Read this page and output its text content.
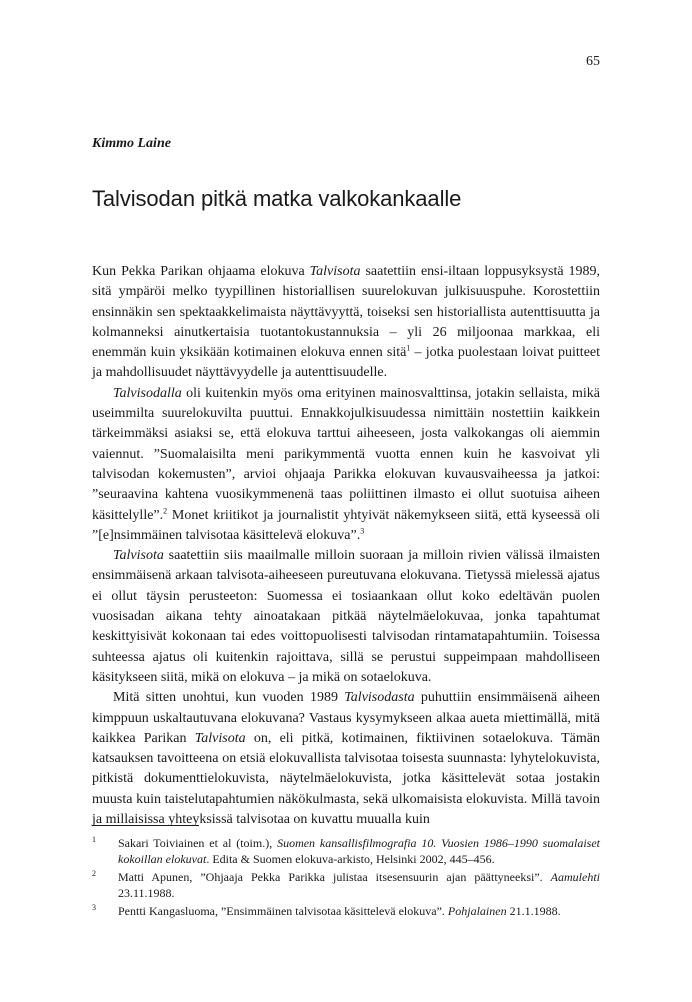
65
Kimmo Laine
Talvisodan pitkä matka valkokankaalle

Kun Pekka Parikan ohjaama elokuva Talvisota saatettiin ensi-iltaan loppusyksystä 1989, sitä ympäröi melko tyypillinen historiallisen suurelokuvan julkisuuspuhe. Korostettiin ensinnäkin sen spektaakkelimaista näyttävyyttä, toiseksi sen historiallista autenttisuutta ja kolmanneksi ainutkertaisia tuotantokustannuksia – yli 26 miljoonaa markkaa, eli enemmän kuin yksikään kotimainen elokuva ennen sitä$^1$ – jotka puolestaan loivat puitteet ja mahdollisuudet näyttävyydelle ja autenttisuudelle.

Talvisodalla oli kuitenkin myös oma erityinen mainosvalttinsa, jotakin sellaista, mikä useimmilta suurelokuvilta puuttui. Ennakkojulkisuudessa nimittäin nostettiin kaikkein tärkeimmäksi asiaksi se, että elokuva tarttui aiheeseen, josta valkokangas oli aiemmin vaiennut. ”Suomalaisilta meni parikymmentä vuotta ennen kuin he kasvoivat yli talvisodan kokemusten”, arvioi ohjaaja Parikka elokuvan kuvausvaiheessa ja jatkoi: ”seuraavina kahtena vuosikymmenenä taas poliittinen ilmasto ei ollut suotuisa aiheen käsittelylle”.$^2$ Monet kriitikot ja journalistit yhtyivät näkemykseen siitä, että kyseessä oli ”[e]nsimmäinen talvisotaa käsittelevä elokuva”.$^3$

Talvisota saatettiin siis maailmalle milloin suoraan ja milloin rivien välissä ilmaisten ensimmäisenä arkaan talvisota-aiheeseen pureutuvana elokuvana. Tietyssä mielessä ajatus ei ollut täysin perusteeton: Suomessa ei tosiaankaan ollut koko edeltävän puolen vuosisadan aikana tehty ainoatakaan pitkää näytelmäelokuvaa, jonka tapahtumat keskittyisivät kokonaan tai edes voittopuolisesti talvisodan rintamatapahtumiin. Toisessa suhteessa ajatus oli kuitenkin rajoittava, sillä se perustui suppeimpaan mahdolliseen käsitykseen siitä, mikä on elokuva – ja mikä on sotaelokuva.

Mitä sitten unohtui, kun vuoden 1989 Talvisodasta puhuttiin ensimmäisenä aiheen kimppuun uskaltautuvana elokuvana? Vastaus kysymykseen alkaa aueta miettimällä, mitä kaikkea Parikan Talvisota on, eli pitkä, kotimainen, fiktiivinen sotaelokuva. Tämän katsauksen tavoitteena on etsiä elokuvallista talvisotaa toisesta suunnasta: lyhytelokuvista, pitkistä dokumenttielokuvista, näytelmäelokuvista, jotka käsittelevät sotaa jostakin muusta kuin taistelutapahtumien näkökulmasta, sekä ulkomaisista elokuvista. Millä tavoin ja millaisissa yhteyksissä talvisotaa on kuvattu muualla kuin

1 Sakari Toiviainen et al (toim.), Suomen kansallisfilmografia 10. Vuosien 1986–1990 suomalaiset kokoillan elokuvat. Edita & Suomen elokuva-arkisto, Helsinki 2002, 445–456.
2 Matti Apunen, ”Ohjaaja Pekka Parikka julistaa itsesensuurin ajan päättyneeksi”. Aamulehti 23.11.1988.
3 Pentti Kangasluoma, ”Ensimmäinen talvisotaa käsittelevä elokuva”. Pohjalainen 21.1.1988.
